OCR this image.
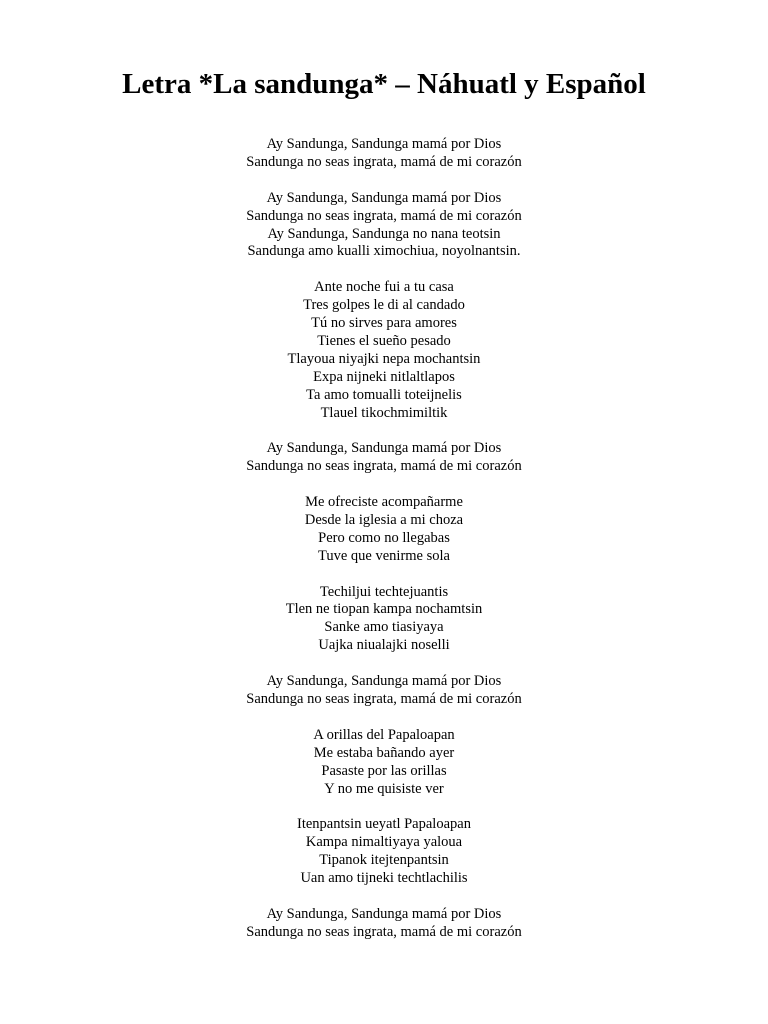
Letra *La sandunga* – Náhuatl y Español
Ay Sandunga, Sandunga mamá por Dios
Sandunga no seas ingrata, mamá de mi corazón
Ay Sandunga, Sandunga mamá por Dios
Sandunga no seas ingrata, mamá de mi corazón
Ay Sandunga, Sandunga no nana teotsin
Sandunga amo kualli ximochiua, noyolnantsin.
Ante noche fui a tu casa
Tres golpes le di al candado
Tú no sirves para amores
Tienes el sueño pesado
Tlayoua niyajki nepa mochantsin
Expa nijneki nitlaltlapos
Ta amo tomualli toteijnelis
Tlauel tikochmimiltik
Ay Sandunga, Sandunga mamá por Dios
Sandunga no seas ingrata, mamá de mi corazón
Me ofreciste acompañarme
Desde la iglesia a mi choza
Pero como no llegabas
Tuve que venirme sola
Techiljui techtejuantis
Tlen ne tiopan kampa nochamtsin
Sanke amo tiasiyaya
Uajka niualajki noselli
Ay Sandunga, Sandunga mamá por Dios
Sandunga no seas ingrata, mamá de mi corazón
A orillas del Papaloapan
Me estaba bañando ayer
Pasaste por las orillas
Y no me quisiste ver
Itenpantsin ueyatl Papaloapan
Kampa nimaltiyaya yaloua
Tipanok itejtenpantsin
Uan amo tijneki techtlachilis
Ay Sandunga, Sandunga mamá por Dios
Sandunga no seas ingrata, mamá de mi corazón
